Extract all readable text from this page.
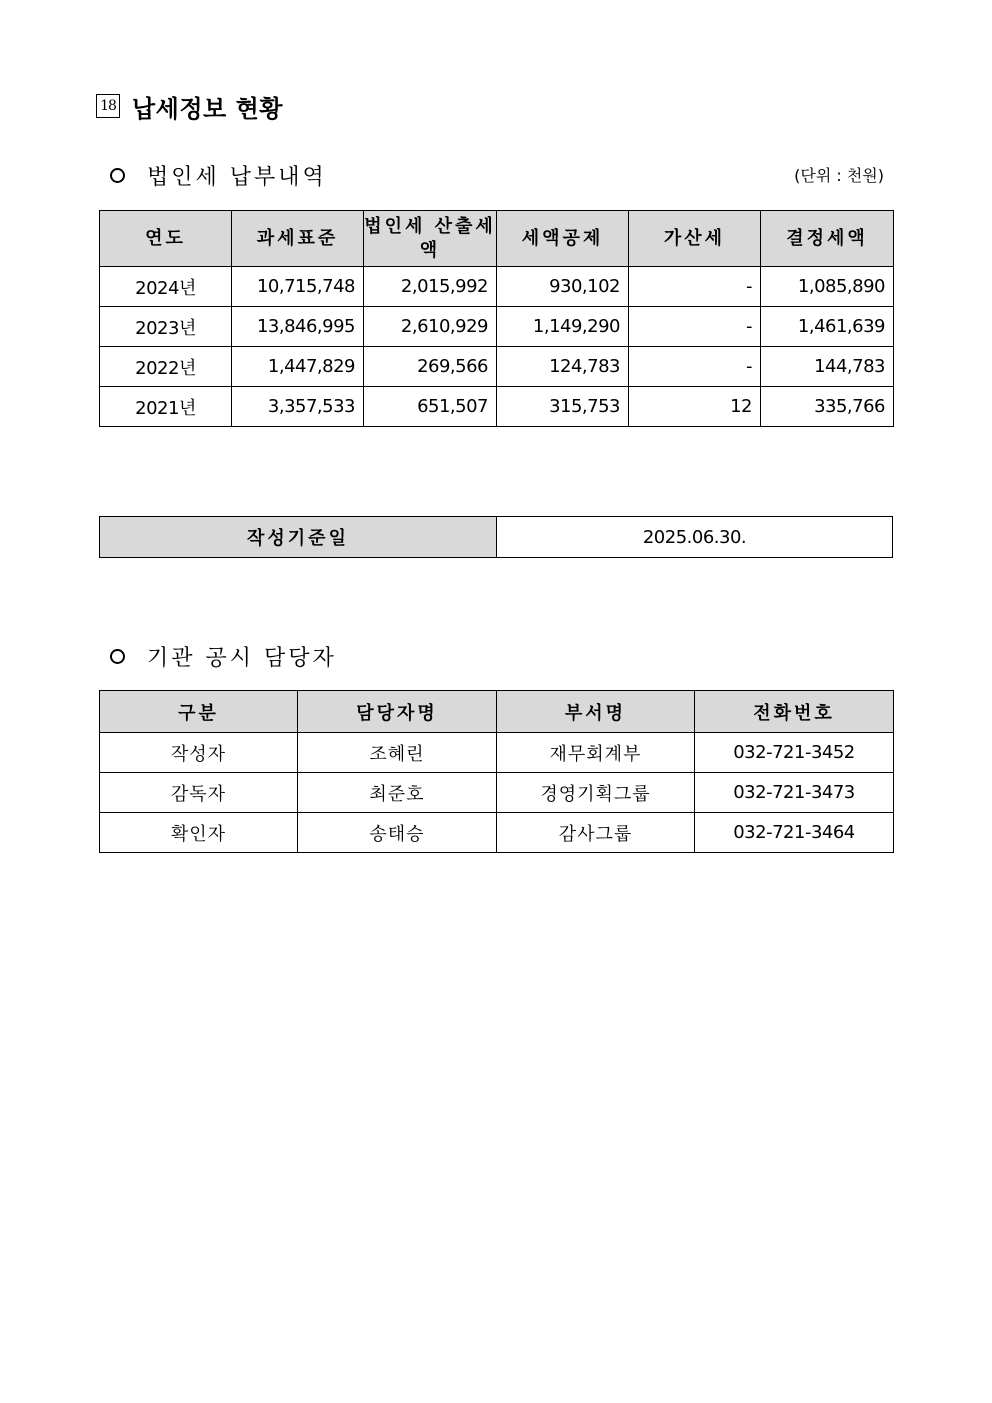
18 납세정보 현황
법인세 납부내역	(단위 : 천원)
연도	과세표준	법인세 산출세액	세액공제	가산세	결정세액
2024년	10,715,748	2,015,992	930,102	-	1,085,890
2023년	13,846,995	2,610,929	1,149,290	-	1,461,639
2022년	1,447,829	269,566	124,783	-	144,783
2021년	3,357,533	651,507	315,753	12	335,766
작성기준일	2025.06.30.
기관 공시 담당자
구분	담당자명	부서명	전화번호
작성자	조혜린	재무회계부	032-721-3452
감독자	최준호	경영기획그룹	032-721-3473
확인자	송태승	감사그룹	032-721-3464
